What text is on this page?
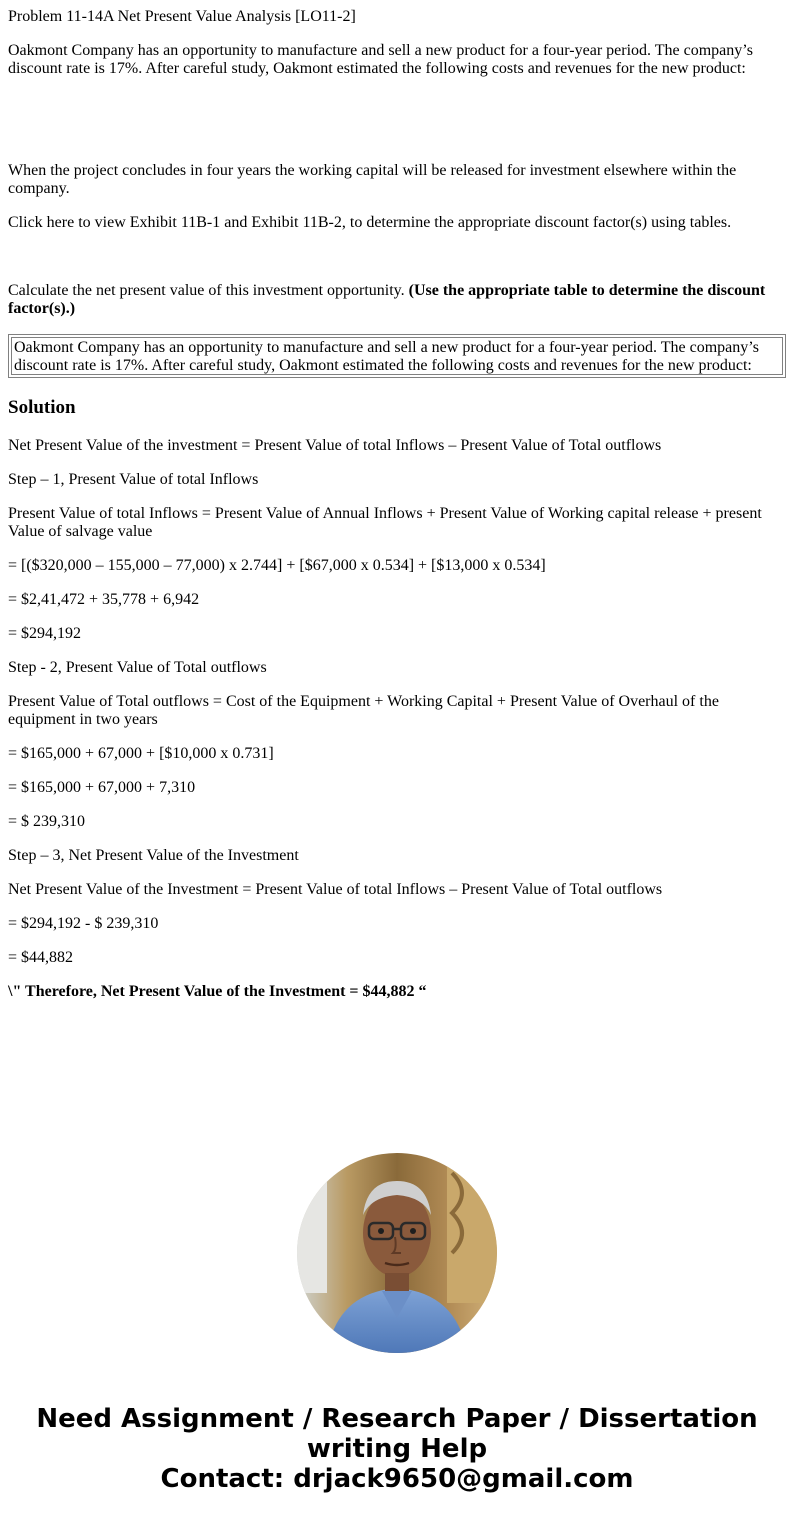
Problem 11-14A Net Present Value Analysis [LO11-2]

Oakmont Company has an opportunity to manufacture and sell a new product for a four-year period. The company’s discount rate is 17%. After careful study, Oakmont estimated the following costs and revenues for the new product:

When the project concludes in four years the working capital will be released for investment elsewhere within the company.

Click here to view Exhibit 11B-1 and Exhibit 11B-2, to determine the appropriate discount factor(s) using tables.

Calculate the net present value of this investment opportunity. (Use the appropriate table to determine the discount factor(s).)

Oakmont Company has an opportunity to manufacture and sell a new product for a four-year period. The company’s discount rate is 17%. After careful study, Oakmont estimated the following costs and revenues for the new product:
Solution

Net Present Value of the investment = Present Value of total Inflows – Present Value of Total outflows

Step – 1, Present Value of total Inflows

Present Value of total Inflows = Present Value of Annual Inflows + Present Value of Working capital release + present Value of salvage value

= [($320,000 – 155,000 – 77,000) x 2.744] + [$67,000 x 0.534] + [$13,000 x 0.534]

= $2,41,472 + 35,778 + 6,942

= $294,192

Step - 2, Present Value of Total outflows

Present Value of Total outflows = Cost of the Equipment + Working Capital + Present Value of Overhaul of the equipment in two years

= $165,000 + 67,000 + [$10,000 x 0.731]

= $165,000 + 67,000 + 7,310

= $ 239,310

Step – 3, Net Present Value of the Investment

Net Present Value of the Investment = Present Value of total Inflows – Present Value of Total outflows

= $294,192 - $ 239,310

= $44,882

\" Therefore, Net Present Value of the Investment = $44,882 “

Need Assignment / Research Paper / Dissertation
writing Help
Contact: drjack9650@gmail.com
